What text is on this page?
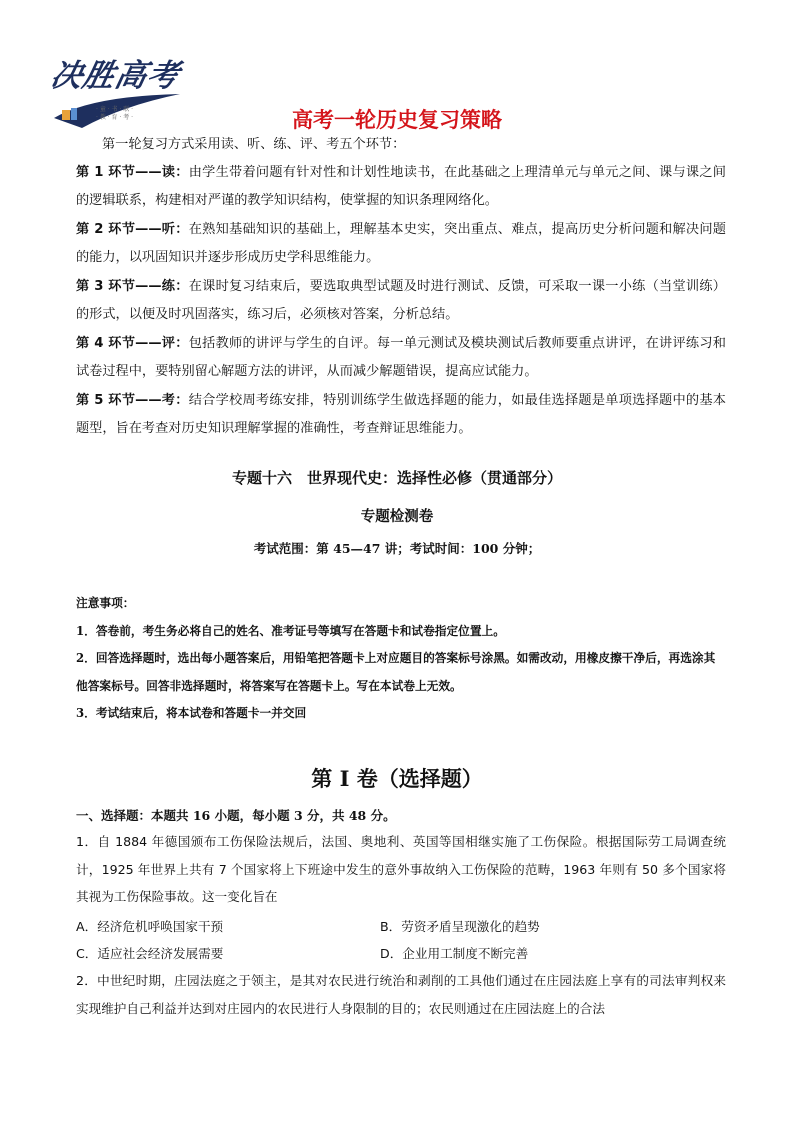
决胜高考
· 童 · 书 · 联 ·
· 教 · 育 · 考 ·	高考一轮历史复习策略
第一轮复习方式采用读、听、练、评、考五个环节：
第 1 环节——读：由学生带着问题有针对性和计划性地读书，在此基础之上理清单元与单元之间、课与课之间的逻辑联系，构建相对严谨的教学知识结构，使掌握的知识条理网络化。
第 2 环节——听：在熟知基础知识的基础上，理解基本史实，突出重点、难点，提高历史分析问题和解决问题的能力，以巩固知识并逐步形成历史学科思维能力。
第 3 环节——练：在课时复习结束后，要选取典型试题及时进行测试、反馈，可采取一课一小练（当堂训练）的形式，以便及时巩固落实，练习后，必须核对答案，分析总结。
第 4 环节——评：包括教师的讲评与学生的自评。每一单元测试及模块测试后教师要重点讲评，在讲评练习和试卷过程中，要特别留心解题方法的讲评，从而减少解题错误，提高应试能力。
第 5 环节——考：结合学校周考练安排，特别训练学生做选择题的能力，如最佳选择题是单项选择题中的基本题型，旨在考查对历史知识理解掌握的准确性，考查辩证思维能力。
专题十六　世界现代史：选择性必修（贯通部分）
专题检测卷
考试范围：第 45—47 讲；考试时间：100 分钟；
注意事项：
1．答卷前，考生务必将自己的姓名、准考证号等填写在答题卡和试卷指定位置上。
2．回答选择题时，选出每小题答案后，用铅笔把答题卡上对应题目的答案标号涂黑。如需改动，用橡皮擦干净后，再选涂其他答案标号。回答非选择题时，将答案写在答题卡上。写在本试卷上无效。
3．考试结束后，将本试卷和答题卡一并交回
第 I 卷（选择题）
一、选择题：本题共 16 小题，每小题 3 分，共 48 分。
1．自 1884 年德国颁布工伤保险法规后，法国、奥地利、英国等国相继实施了工伤保险。根据国际劳工局调查统计，1925 年世界上共有 7 个国家将上下班途中发生的意外事故纳入工伤保险的范畴，1963 年则有 50 多个国家将其视为工伤保险事故。这一变化旨在
A．经济危机呼唤国家干预	B．劳资矛盾呈现激化的趋势
C．适应社会经济发展需要	D．企业用工制度不断完善
2．中世纪时期，庄园法庭之于领主，是其对农民进行统治和剥削的工具他们通过在庄园法庭上享有的司法审判权来实现维护自己利益并达到对庄园内的农民进行人身限制的目的；农民则通过在庄园法庭上的合法
